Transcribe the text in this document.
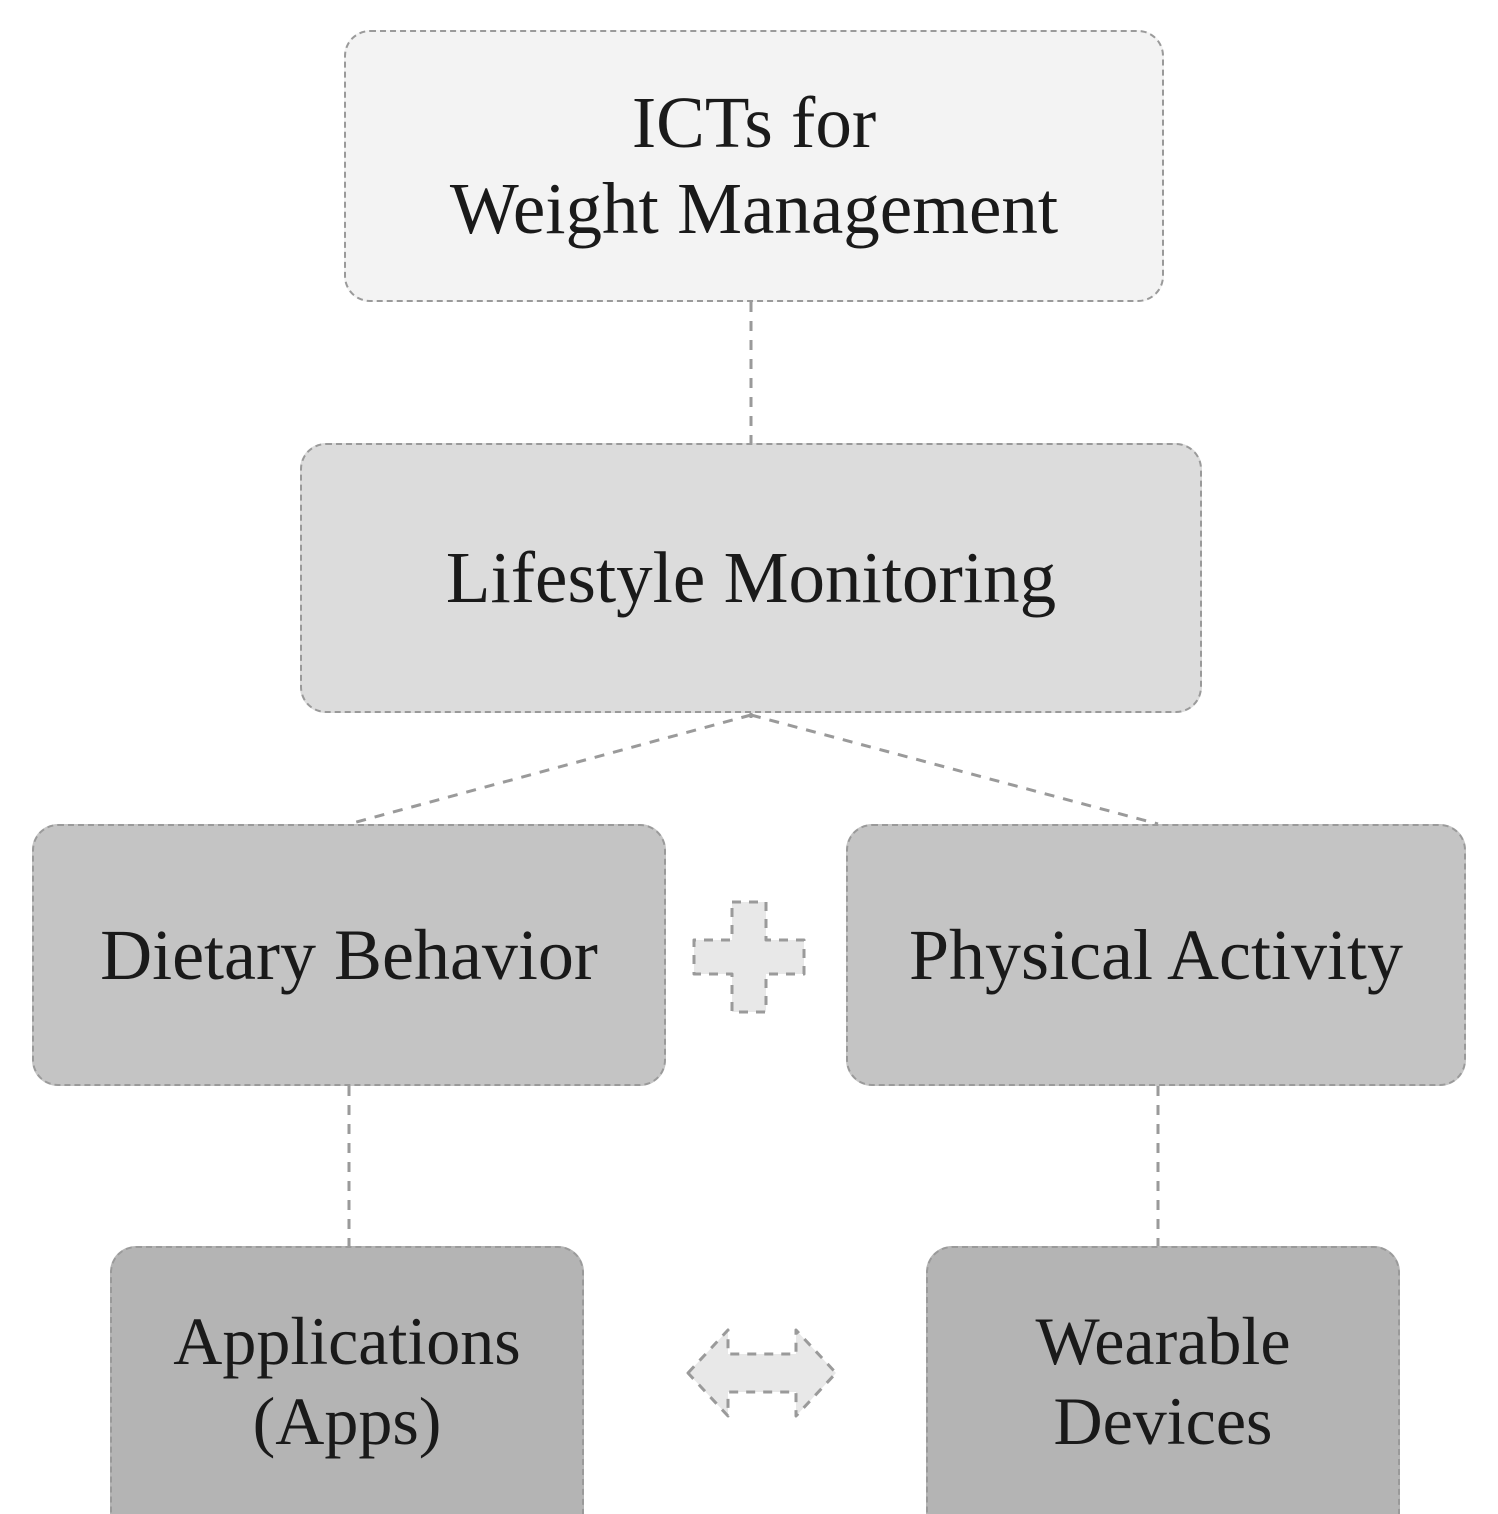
ICTs for
Weight Management
Lifestyle Monitoring
Dietary Behavior	Physical Activity
Applications
(Apps)
Wearable
Devices
